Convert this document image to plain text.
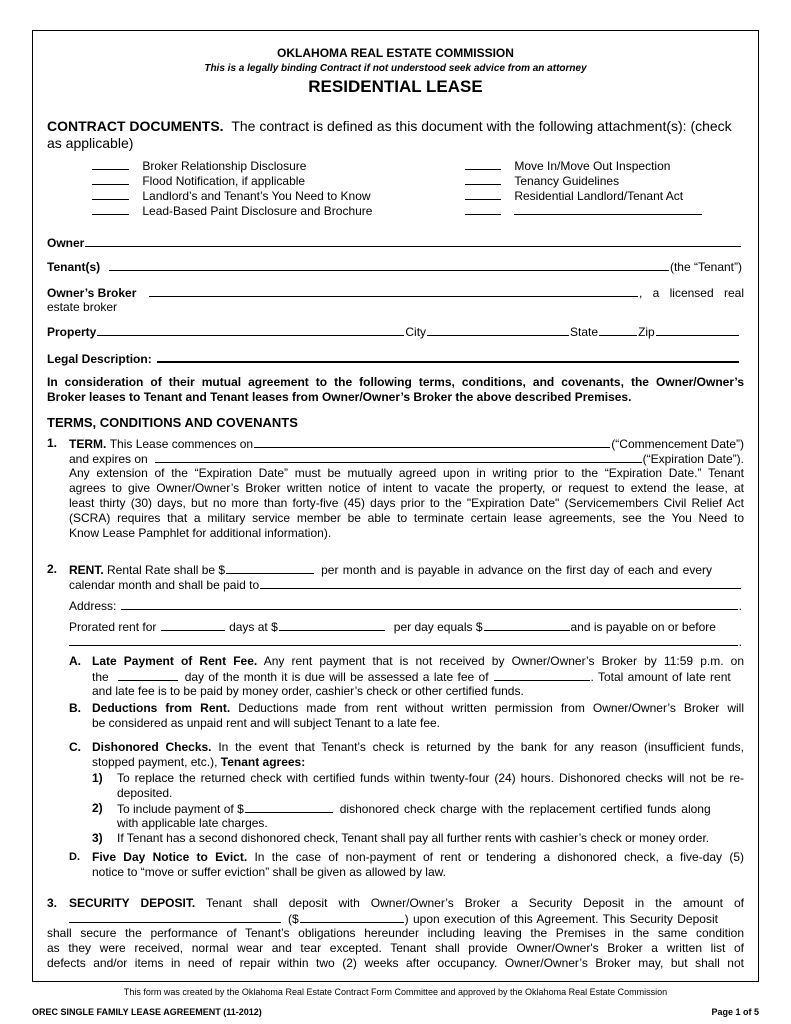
OKLAHOMA REAL ESTATE COMMISSION
This is a legally binding Contract if not understood seek advice from an attorney
RESIDENTIAL LEASE
CONTRACT DOCUMENTS. The contract is defined as this document with the following attachment(s): (check
as applicable)
Broker Relationship Disclosure
Flood Notification, if applicable
Landlord’s and Tenant’s You Need to Know
Lead-Based Paint Disclosure and Brochure
Move In/Move Out Inspection
Tenancy Guidelines
Residential Landlord/Tenant Act

Owner
Tenant(s)	(the “Tenant”)
Owner’s Broker	, a licensed real
estate broker
Property	City	State	Zip
Legal Description:
In consideration of their mutual agreement to the following terms, conditions, and covenants, the Owner/Owner’s
Broker leases to Tenant and Tenant leases from Owner/Owner’s Broker the above described Premises.
TERMS, CONDITIONS AND COVENANTS
1. TERM.
This Lease commences on	(“Commencement Date”)
and expires on	(“Expiration Date”).
Any extension of the “Expiration Date” must be mutually agreed upon in writing prior to the “Expiration Date.” Tenant
agrees to give Owner/Owner’s Broker written notice of intent to vacate the property, or request to extend the lease, at
least thirty (30) days, but no more than forty-five (45) days prior to the "Expiration Date" (Servicemembers Civil Relief Act
(SCRA) requires that a military service member be able to terminate certain lease agreements, see the You Need to
Know Lease Pamphlet for additional information).
2. RENT.
Rental Rate shall be $	per month and is payable in advance on the first day of each and every
calendar month and shall be paid to
Address:	.
Prorated rent for

	days at $	per day equals $	and is payable on or before
.
A. Late Payment of Rent Fee. Any rent payment that is not received by Owner/Owner’s Broker by 11:59 p.m. on
the	day of the month it is due will be assessed a late fee of	. Total amount of late rent
and late fee is to be paid by money order, cashier’s check or other certified funds.
B. Deductions from Rent. Deductions made from rent without written permission from Owner/Owner’s Broker will
be considered as unpaid rent and will subject Tenant to a late fee.
C. Dishonored Checks. In the event that Tenant’s check is returned by the bank for any reason (insufficient funds,
stopped payment, etc.), Tenant agrees:
1) To replace the returned check with certified funds within twenty-four (24) hours. Dishonored checks will not be re-
deposited.
2) To include payment of $	dishonored check charge with the replacement certified funds along
with applicable late charges.
3) If Tenant has a second dishonored check, Tenant shall pay all further rents with cashier’s check or money order.
D. Five Day Notice to Evict. In the case of non-payment of rent or tendering a dishonored check, a five-day (5)
notice to “move or suffer eviction” shall be given as allowed by law.
3. SECURITY DEPOSIT. Tenant shall deposit with Owner/Owner’s Broker a Security Deposit in the amount of
($	) upon execution of this Agreement. This Security Deposit
shall secure the performance of Tenant’s obligations hereunder including leaving the Premises in the same condition
as they were received, normal wear and tear excepted. Tenant shall provide Owner/Owner's Broker a written list of
defects and/or items in need of repair within two (2) weeks after occupancy. Owner/Owner’s Broker may, but shall not
This form was created by the Oklahoma Real Estate Contract Form Committee and approved by the Oklahoma Real Estate Commission
OREC SINGLE FAMILY LEASE AGREEMENT (11-2012)	Page 1 of 5
